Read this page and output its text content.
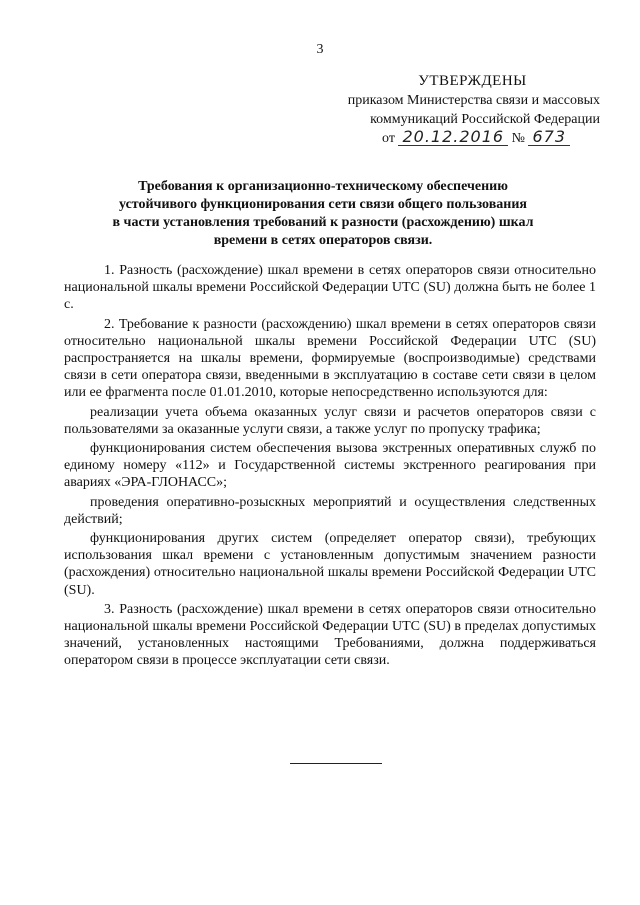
3
УТВЕРЖДЕНЫ
приказом Министерства связи и массовых
коммуникаций Российской Федерации
от 20.12.2016 № 673
Требования к организационно-техническому обеспечению
устойчивого функционирования сети связи общего пользования
в части установления требований к разности (расхождению) шкал
времени в сетях операторов связи.

1. Разность (расхождение) шкал времени в сетях операторов связи относительно национальной шкалы времени Российской Федерации UTC (SU) должна быть не более 1 с.

2. Требование к разности (расхождению) шкал времени в сетях операторов связи относительно национальной шкалы времени Российской Федерации UTC (SU) распространяется на шкалы времени, формируемые (воспроизводимые) средствами связи в сети оператора связи, введенными в эксплуатацию в составе сети связи в целом или ее фрагмента после 01.01.2010, которые непосредственно используются для:

реализации учета объема оказанных услуг связи и расчетов операторов связи с пользователями за оказанные услуги связи, а также услуг по пропуску трафика;

функционирования систем обеспечения вызова экстренных оперативных служб по единому номеру «112» и Государственной системы экстренного реагирования при авариях «ЭРА-ГЛОНАСС»;

проведения оперативно-розыскных мероприятий и осуществления следственных действий;

функционирования других систем (определяет оператор связи), требующих использования шкал времени с установленным допустимым значением разности (расхождения) относительно национальной шкалы времени Российской Федерации UTC (SU).

3. Разность (расхождение) шкал времени в сетях операторов связи относительно национальной шкалы времени Российской Федерации UTC (SU) в пределах допустимых значений, установленных настоящими Требованиями, должна поддерживаться оператором связи в процессе эксплуатации сети связи.
